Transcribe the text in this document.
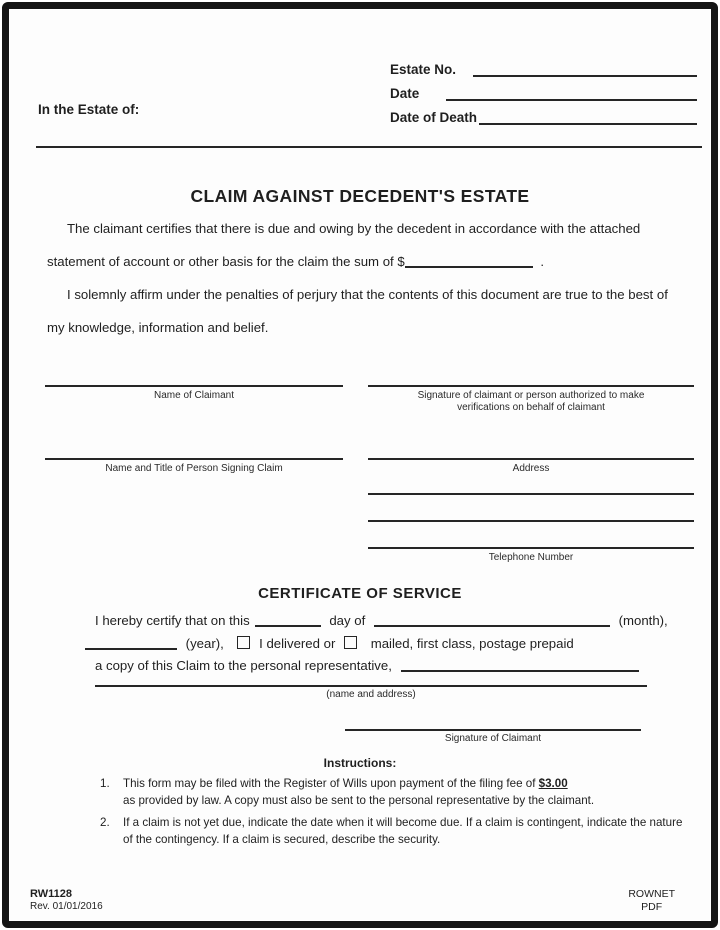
In the Estate of:
Estate No.
Date
Date of Death
CLAIM AGAINST DECEDENT'S ESTATE
The claimant certifies that there is due and owing by the decedent in accordance with the attached
statement of account or other basis for the claim the sum of $	.
I solemnly affirm under the penalties of perjury that the contents of this document are true to the best of
my knowledge, information and belief.
Name of Claimant	Signature of claimant or person authorized to make verifications on behalf of claimant
Name and Title of Person Signing Claim	Address
Telephone Number
CERTIFICATE OF SERVICE
I hereby certify that on this	day of	(month),
(year),	I delivered or	mailed, first class, postage prepaid
a copy of this Claim to the personal representative,
(name and address)
Signature of Claimant
Instructions:
1.	This form may be filed with the Register of Wills upon payment of the filing fee of $3.00
as provided by law. A copy must also be sent to the personal representative by the claimant.
2.	If a claim is not yet due, indicate the date when it will become due. If a claim is contingent, indicate the nature of the contingency. If a claim is secured, describe the security.
RW1128
Rev. 01/01/2016
ROWNET
PDF
